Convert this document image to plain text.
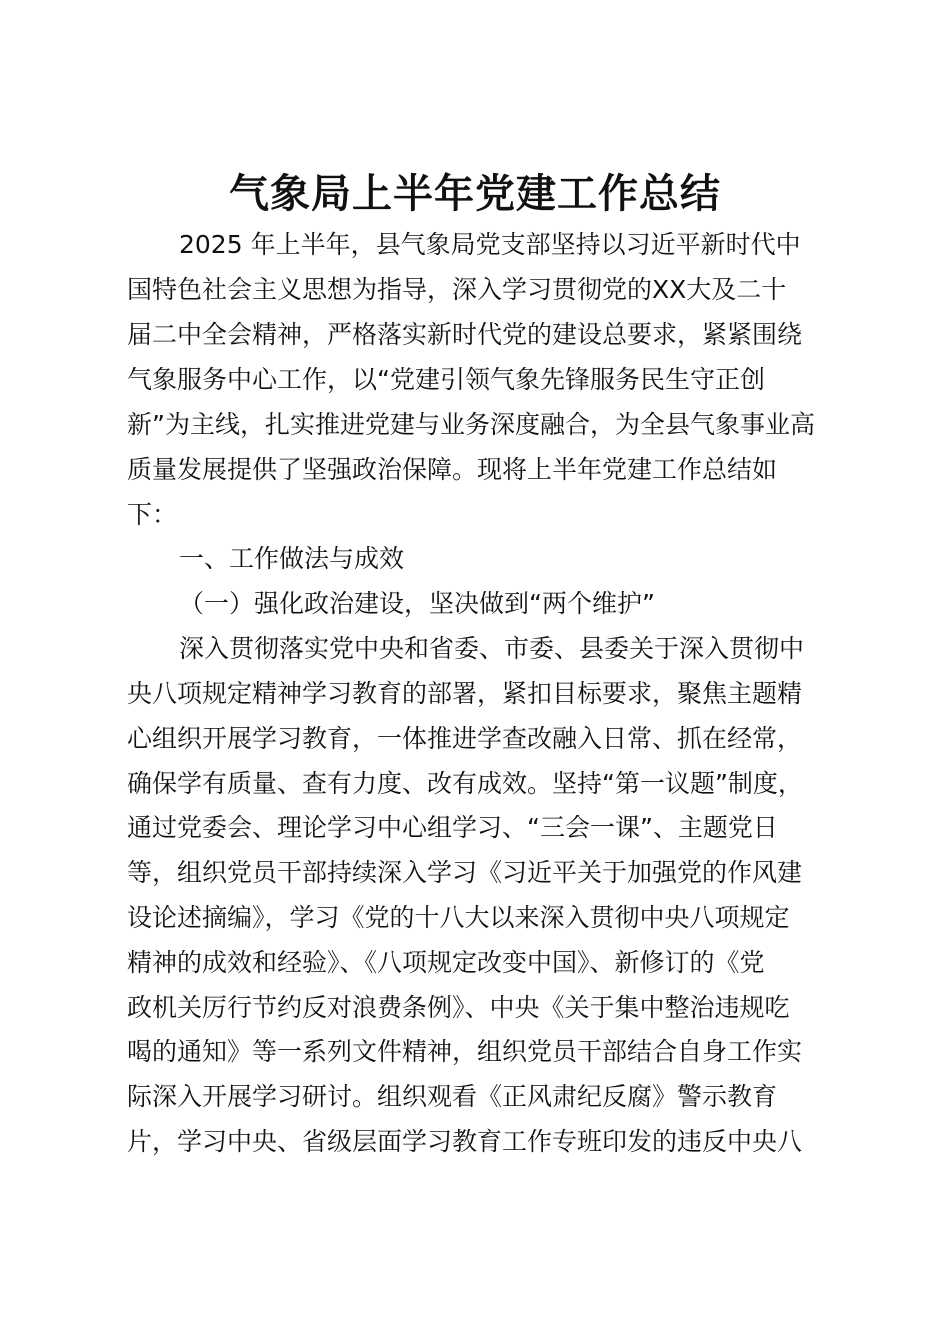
气象局上半年党建工作总结
2025 年上半年，县气象局党支部坚持以习近平新时代中
国特色社会主义思想为指导，深入学习贯彻党的XX大及二十
届二中全会精神，严格落实新时代党的建设总要求，紧紧围绕
气象服务中心工作，以“党建引领气象先锋服务民生守正创
新”为主线，扎实推进党建与业务深度融合，为全县气象事业高
质量发展提供了坚强政治保障。现将上半年党建工作总结如
下：
一、工作做法与成效
（一）强化政治建设，坚决做到“两个维护”
深入贯彻落实党中央和省委、市委、县委关于深入贯彻中
央八项规定精神学习教育的部署，紧扣目标要求，聚焦主题精
心组织开展学习教育，一体推进学查改融入日常、抓在经常，
确保学有质量、查有力度、改有成效。坚持“第一议题”制度，
通过党委会、理论学习中心组学习、“三会一课”、主题党日
等，组织党员干部持续深入学习《习近平关于加强党的作风建
设论述摘编》，学习《党的十八大以来深入贯彻中央八项规定
精神的成效和经验》、《八项规定改变中国》、新修订的《党
政机关厉行节约反对浪费条例》、中央《关于集中整治违规吃
喝的通知》等一系列文件精神，组织党员干部结合自身工作实
际深入开展学习研讨。组织观看《正风肃纪反腐》警示教育
片，学习中央、省级层面学习教育工作专班印发的违反中央八
